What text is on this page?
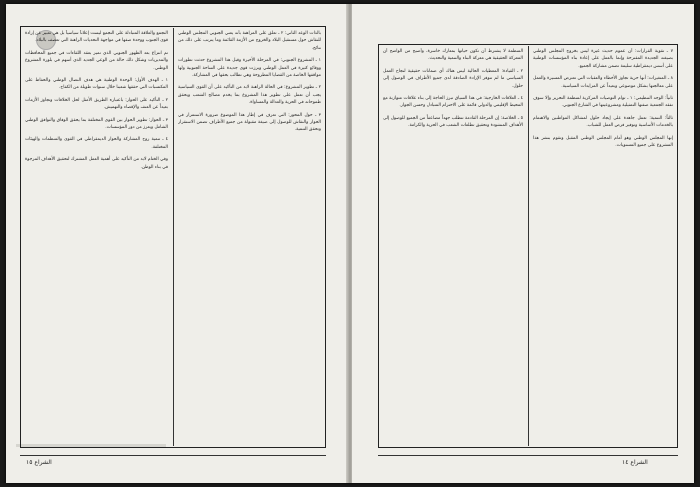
التجمع والعلاقة المتبادلة على التجمع ليست إعلاناً سياسياً بل هي تعبير عن إرادة قوى الجنوب ووحدة صفها في مواجهة التحديات الراهنة التي تعصف بالبلاد.

تم انتزاع بعد الظهور الجنوبي الذي تميز بعقد اللقاءات في جميع المحافظات والمديريات وشكل ذلك حالة من الوعي الجديد الذي أسهم في بلورة المشروع الوطني.

١ ـ الهدف الأول: الوحدة الوطنية هي هدف النضال الوطني والحفاظ على المكتسبات التي حققها شعبنا خلال سنوات طويلة من الكفاح.

٢ ـ التأكيد على الحوار: باعتباره الطريق الأمثل لحل الخلافات وتجاوز الأزمات بعيداً عن العنف والإقصاء والتهميش.

٣ ـ الحوار: تطوير الحوار بين القوى المختلفة بما يحقق الوفاق والتوافق الوطني الشامل ويعزز من دور المؤسسات.

٤ ـ تنمية روح المشاركة والحوار الديمقراطي في القوى والمنظمات والهيئات المختلفة.

وفي الختام لابد من التأكيد على أهمية العمل المشترك لتحقيق الأهداف المرجوة في بناء الوطن.

بالذات الوعد الثاني: ٢ ـ تعلق على المراهنة بأنه يعني الجنوبي المجلس الوطني للنقاش حول مستقبل البلاد والخروج من الأزمة القائمة وما يترتب على ذلك من نتائج.

١ ـ المشروع الجنوبي: في المرحلة الأخيرة وقبل هذا المشروع حدثت تطورات ووقائع كثيرة في العمل الوطني وبرزت قوى جديدة على الساحة الجنوبية ولها مواقفها الخاصة من القضايا المطروحة وهي تطالب بحقها في المشاركة.

٢ ـ تطوير المشروع: في الحالة الراهنة لابد من التأكيد على أن القوى السياسية يجب أن تعمل على تطوير هذا المشروع بما يخدم مصالح الشعب ويحقق طموحاته في الحرية والعدالة والمساواة.

٣ ـ حول المحور: التي تعرف في إطار هذا الموضوع ضرورة الاستمرار في الحوار والنقاش للوصول إلى صيغة مقبولة من جميع الأطراف تضمن الاستقرار وتحقق التنمية.

الشراع ١٥

المنظمة لا يشترط أن تكون حياتها بمعارك خاسرة، وأصبح من الواضح أن المعركة الحقيقية هي معركة البناء والتنمية والتحديث.

٢ ـ القيادة: المعطيات الحالية ليس هناك أي ضمانات حقيقية لنجاح العمل السياسي ما لم تتوفر الإرادة الصادقة لدى جميع الأطراف في الوصول إلى حلول.

٤ ـ العلاقات الخارجية: في هذا السياق تبرز الحاجة إلى بناء علاقات متوازنة مع المحيط الإقليمي والدولي قائمة على الاحترام المتبادل وحسن الجوار.

٥ ـ الخلاصة: إن المرحلة القادمة تتطلب جهداً مضاعفاً من الجميع للوصول إلى الأهداف المنشودة وتحقيق تطلعات الشعب في الحرية والكرامة.

٧ ـ تقوية القرارات: أن عموم حديث غيرة ليس بخروج المجلس الوطني بصيغته الجديدة المقترحة وإنما بالعمل على إعادة بناء المؤسسات الوطنية على أسس ديمقراطية سليمة تضمن مشاركة الجميع.

٨ ـ المتغيرات: أنها حرية تجاوز الأخطاء والعقبات التي تعترض المسيرة والعمل على معالجتها بشكل موضوعي وبعيداً عن المزايدات السياسية.

ثانياً: الوجه التنظيمي: ١ ـ توام التوصيات المركزية لمنظمة التحرير وإلا سوف تفقد الجمعية صفتها التمثيلية ومشروعيتها في الشارع الجنوبي.

ثالثاً: التنمية: تعمل جاهدة على إيجاد حلول لمشاكل المواطنين والاهتمام بالخدمات الأساسية وتوفير فرص العمل للشباب.

إنها المجلس الوطني وهو أمام المجلس الوطني المقبل وتقوم بنشر هذا المشروع على جميع المستويات.

الشراع ١٤
